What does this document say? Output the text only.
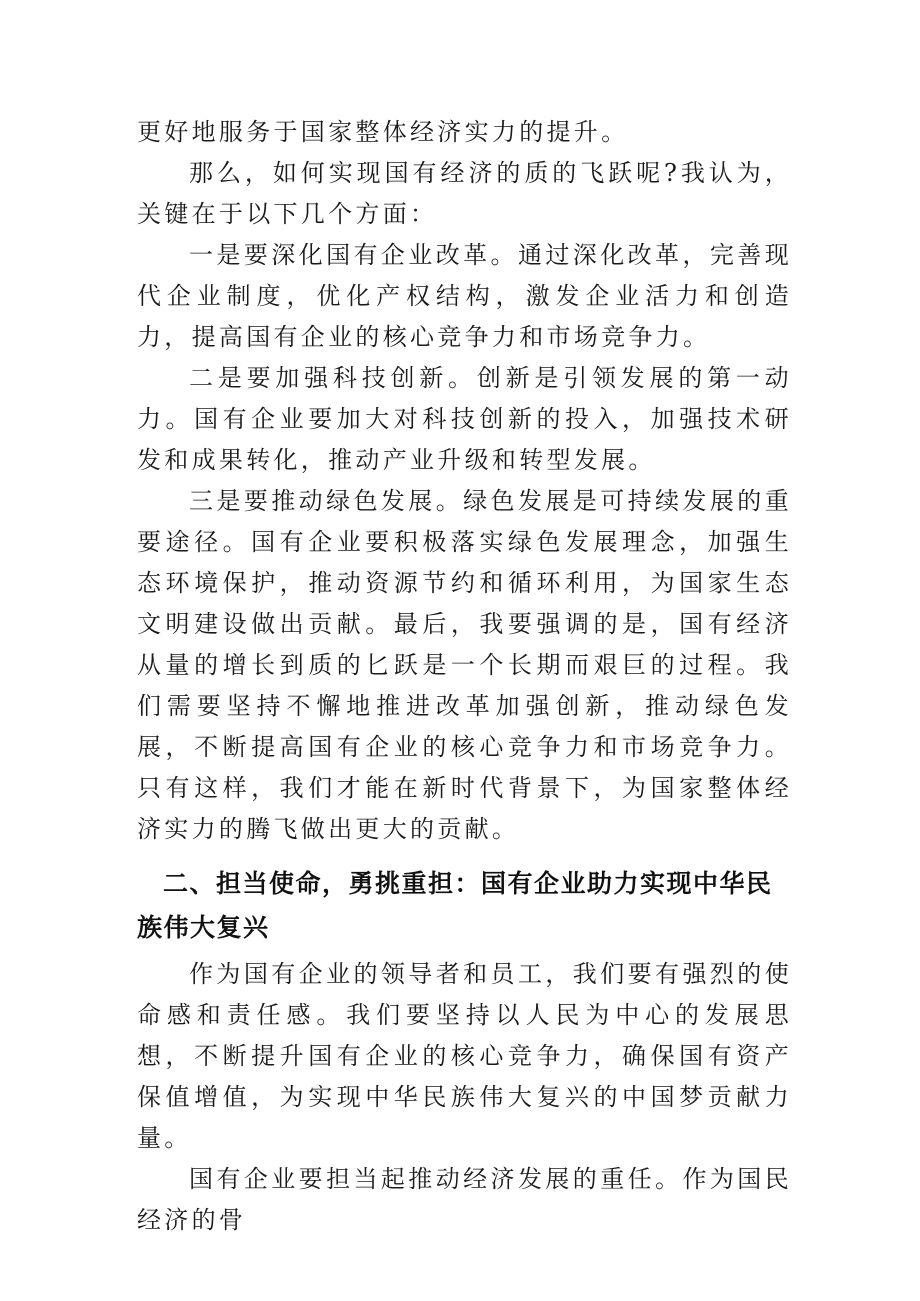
更好地服务于国家整体经济实力的提升。

那么，如何实现国有经济的质的飞跃呢?我认为，关键在于以下几个方面：

一是要深化国有企业改革。通过深化改革，完善现代企业制度，优化产权结构，激发企业活力和创造力，提高国有企业的核心竞争力和市场竞争力。

二是要加强科技创新。创新是引领发展的第一动力。国有企业要加大对科技创新的投入，加强技术研发和成果转化，推动产业升级和转型发展。

三是要推动绿色发展。绿色发展是可持续发展的重要途径。国有企业要积极落实绿色发展理念，加强生态环境保护，推动资源节约和循环利用，为国家生态文明建设做出贡献。最后，我要强调的是，国有经济从量的增长到质的匕跃是一个长期而艰巨的过程。我们需要坚持不懈地推进改革加强创新，推动绿色发展，不断提高国有企业的核心竞争力和市场竞争力。只有这样，我们才能在新时代背景下，为国家整体经济实力的腾飞做出更大的贡献。

二、担当使命，勇挑重担：国有企业助力实现中华民族伟大复兴

作为国有企业的领导者和员工，我们要有强烈的使命感和责任感。我们要坚持以人民为中心的发展思想，不断提升国有企业的核心竞争力，确保国有资产保值增值，为实现中华民族伟大复兴的中国梦贡献力量。

国有企业要担当起推动经济发展的重任。作为国民经济的骨
